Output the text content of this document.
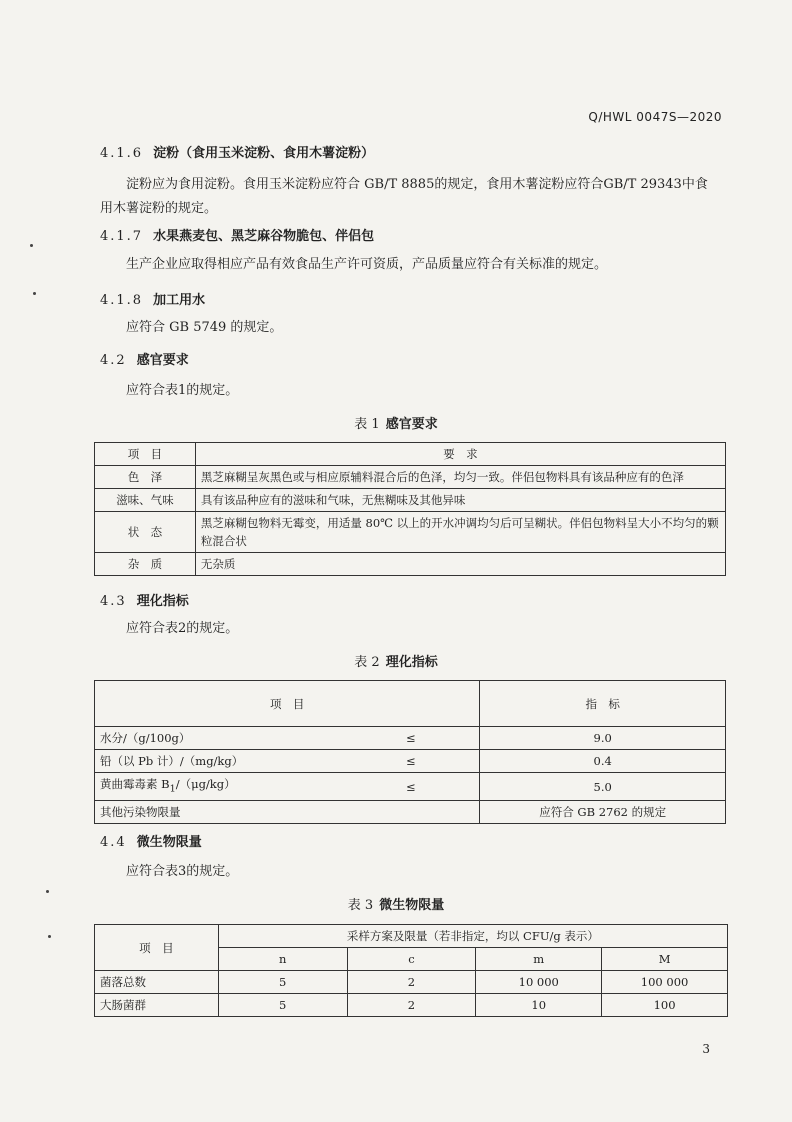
Q/HWL 0047S—2020
4.1.6 淀粉（食用玉米淀粉、食用木薯淀粉）
淀粉应为食用淀粉。食用玉米淀粉应符合 GB/T 8885的规定，食用木薯淀粉应符合GB/T 29343中食用木薯淀粉的规定。
4.1.7 水果燕麦包、黑芝麻谷物脆包、伴侣包
生产企业应取得相应产品有效食品生产许可资质，产品质量应符合有关标准的规定。
4.1.8 加工用水
应符合 GB 5749 的规定。
4.2 感官要求
应符合表1的规定。
表 1 感官要求
项　目	要　求
色　泽	黑芝麻糊呈灰黑色或与相应原辅料混合后的色泽，均匀一致。伴侣包物料具有该品种应有的色泽
滋味、气味	具有该品种应有的滋味和气味，无焦糊味及其他异味
状　态	黑芝麻糊包物料无霉变，用适量 80℃ 以上的开水冲调均匀后可呈糊状。伴侣包物料呈大小不均匀的颗粒混合状
杂　质	无杂质
4.3 理化指标
应符合表2的规定。
表 2 理化指标
项　目		指　标
水分/（g/100g）	≤	9.0
铅（以 Pb 计）/（mg/kg）	≤	0.4
黄曲霉毒素 $B_1/(\mu g/kg)$	≤	5.0
其他污染物限量		应符合 GB 2762 的规定
4.4 微生物限量
应符合表3的规定。
表 3 微生物限量
项　目	采样方案及限量（若非指定，均以 CFU/g 表示）			
	n	c	m	M
菌落总数	5	2	10 000	100 000
大肠菌群	5	2	10	100
3
